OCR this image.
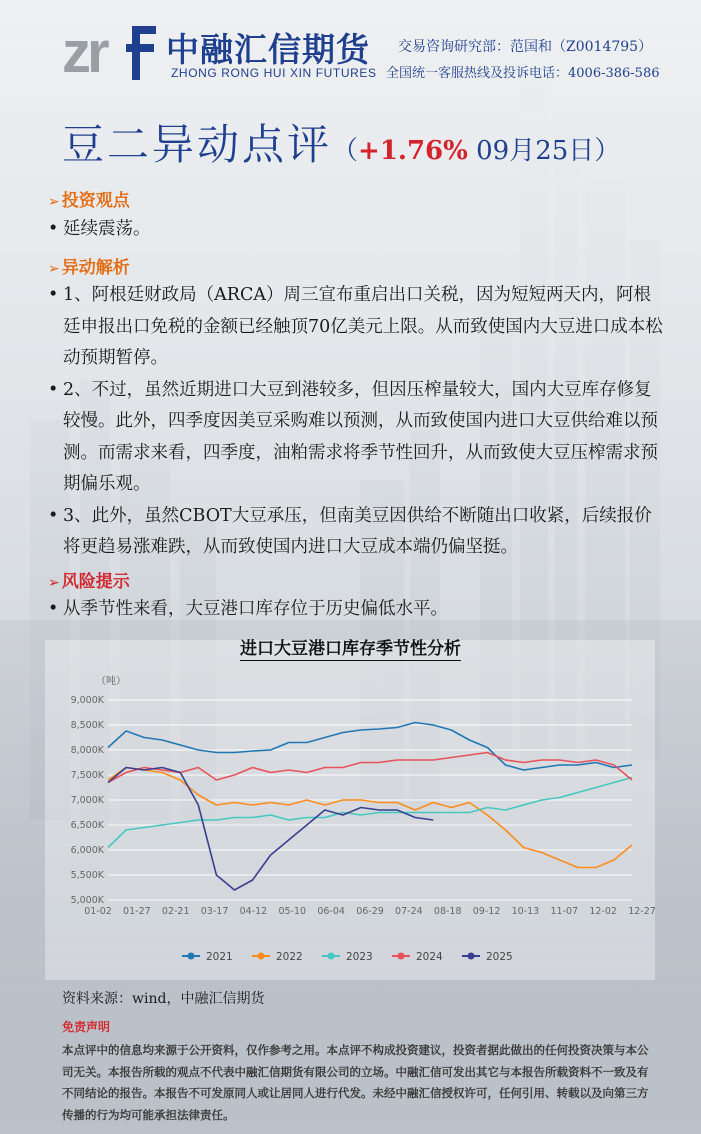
zr 中融汇信期货
ZHONG RONG HUI XIN FUTURES
交易咨询研究部：范国和（Z0014795）
全国统一客服热线及投诉电话：4006-386-586
豆二异动点评（+1.76% 09月25日）
➢ 投资观点
• 延续震荡。
➢ 异动解析
• 1、阿根廷财政局（ARCA）周三宣布重启出口关税，因为短短两天内，阿根廷申报出口免税的金额已经触顶70亿美元上限。从而致使国内大豆进口成本松动预期暂停。
• 2、不过，虽然近期进口大豆到港较多，但因压榨量较大，国内大豆库存修复较慢。此外，四季度因美豆采购难以预测，从而致使国内进口大豆供给难以预测。而需求来看，四季度，油粕需求将季节性回升，从而致使大豆压榨需求预期偏乐观。
• 3、此外，虽然CBOT大豆承压，但南美豆因供给不断随出口收紧，后续报价将更趋易涨难跌，从而致使国内进口大豆成本端仍偏坚挺。
➢ 风险提示
• 从季节性来看，大豆港口库存位于历史偏低水平。
进口大豆港口库存季节性分析
（吨）
5,000K
5,500K
6,000K
6,500K
7,000K
7,500K
8,000K
8,500K
9,000K
01-02 01-27 02-21 03-17 04-12 05-10 06-04 06-29 07-24 08-18 09-12 10-13 11-07 12-02 12-27
2021	2022	2023	2024	2025
资料来源：wind，中融汇信期货
免责声明
本点评中的信息均来源于公开资料，仅作参考之用。本点评不构成投资建议，投资者据此做出的任何投资决策与本公司无关。本报告所载的观点不代表中融汇信期货有限公司的立场。中融汇信可发出其它与本报告所载资料不一致及有不同结论的报告。本报告不可发原同人或让居同人进行代发。未经中融汇信授权许可，任何引用、转载以及向第三方传播的行为均可能承担法律责任。
